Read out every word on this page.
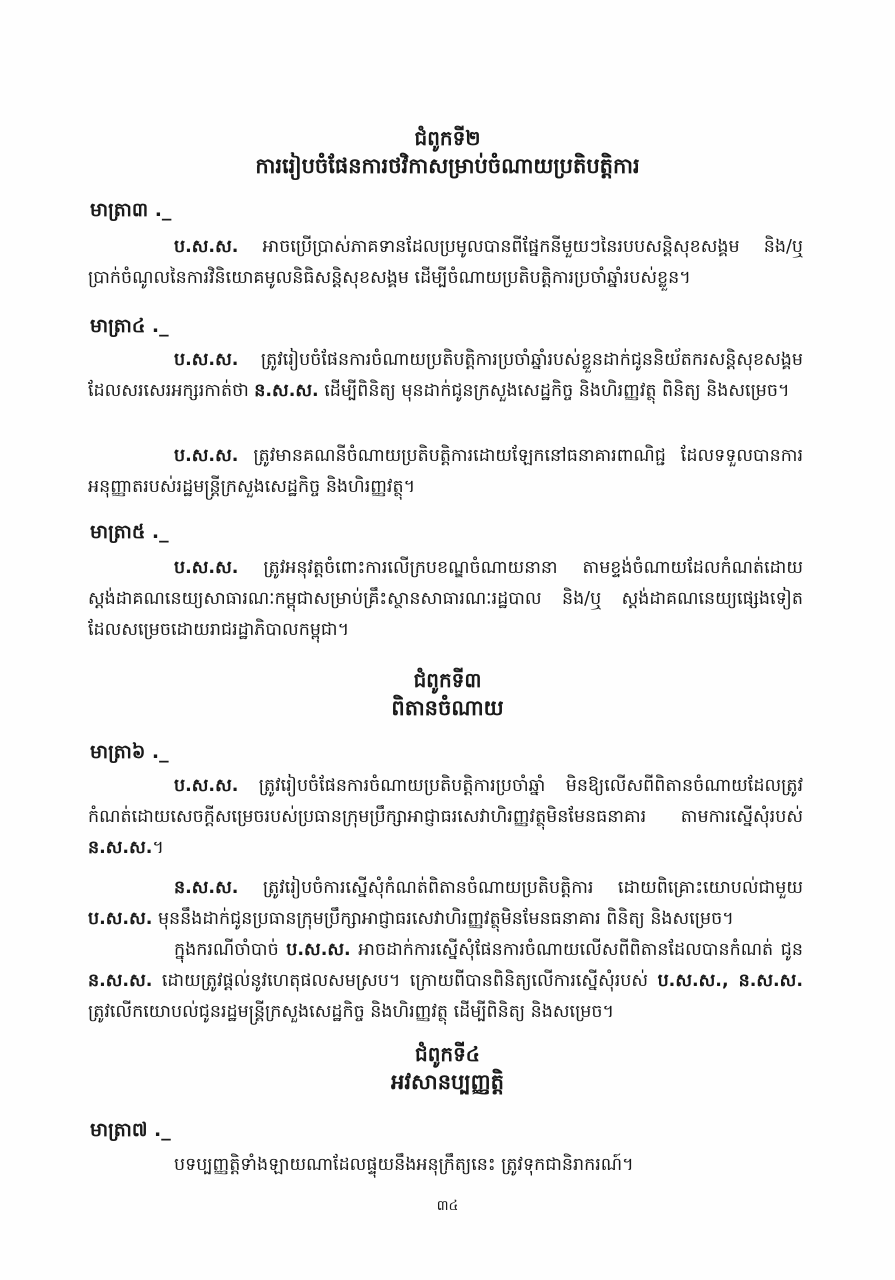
ជំពូកទី២
ការរៀបចំផែនការថវិកាសម្រាប់ចំណាយប្រតិបត្តិការ
មាត្រា៣ ._
ប.ស.ស. អាចប្រើប្រាស់ភាគទានដែលប្រមូលបានពីផ្នែកនីមួយៗនៃរបបសន្តិសុខសង្គម និង/ឬ ប្រាក់ចំណូលនៃការវិនិយោគមូលនិធិសន្តិសុខសង្គម ដើម្បីចំណាយប្រតិបត្តិការប្រចាំឆ្នាំរបស់ខ្លួន។
មាត្រា៤ ._
ប.ស.ស. ត្រូវរៀបចំផែនការចំណាយប្រតិបត្តិការប្រចាំឆ្នាំរបស់ខ្លួនដាក់ជូននិយ័តករសន្តិសុខសង្គម ដែលសរសេរអក្សរកាត់ថា ន.ស.ស. ដើម្បីពិនិត្យ មុនដាក់ជូនក្រសួងសេដ្ឋកិច្ច និងហិរញ្ញវត្ថុ ពិនិត្យ និងសម្រេច។
ប.ស.ស. ត្រូវមានគណនីចំណាយប្រតិបត្តិការដោយឡែកនៅធនាគារពាណិជ្ជ ដែលទទួលបានការអនុញ្ញាតរបស់រដ្ឋមន្ត្រីក្រសួងសេដ្ឋកិច្ច និងហិរញ្ញវត្ថុ។
មាត្រា៥ ._
ប.ស.ស. ត្រូវអនុវត្តចំពោះការលើក្របខណ្ឌចំណាយនានា តាមខ្ទង់ចំណាយដែលកំណត់ដោយស្តង់ដាគណនេយ្យសាធារណៈកម្ពុជាសម្រាប់គ្រឹះស្ថានសាធារណៈរដ្ឋបាល និង/ឬ ស្តង់ដាគណនេយ្យផ្សេងទៀត ដែលសម្រេចដោយរាជរដ្ឋាភិបាលកម្ពុជា។
ជំពូកទី៣
ពិតានចំណាយ
មាត្រា៦ ._
ប.ស.ស. ត្រូវរៀបចំផែនការចំណាយប្រតិបត្តិការប្រចាំឆ្នាំ មិនឱ្យលើសពីពិតានចំណាយដែលត្រូវកំណត់ដោយសេចក្តីសម្រេចរបស់ប្រធានក្រុមប្រឹក្សាអាជ្ញាធរសេវាហិរញ្ញវត្ថុមិនមែនធនាគារ តាមការស្នើសុំរបស់ ន.ស.ស.។
ន.ស.ស. ត្រូវរៀបចំការស្នើសុំកំណត់ពិតានចំណាយប្រតិបត្តិការ ដោយពិគ្រោះយោបល់ជាមួយ ប.ស.ស. មុននឹងដាក់ជូនប្រធានក្រុមប្រឹក្សាអាជ្ញាធរសេវាហិរញ្ញវត្ថុមិនមែនធនាគារ ពិនិត្យ និងសម្រេច។
ក្នុងករណីចាំបាច់ ប.ស.ស. អាចដាក់ការស្នើសុំផែនការចំណាយលើសពីពិតានដែលបានកំណត់ ជូន ន.ស.ស. ដោយត្រូវផ្តល់នូវហេតុផលសមស្រប។ ក្រោយពីបានពិនិត្យលើការស្នើសុំរបស់ ប.ស.ស., ន.ស.ស. ត្រូវលើកយោបល់ជូនរដ្ឋមន្ត្រីក្រសួងសេដ្ឋកិច្ច និងហិរញ្ញវត្ថុ ដើម្បីពិនិត្យ និងសម្រេច។
ជំពូកទី៤
អវសានប្បញ្ញត្តិ
មាត្រា៧ ._
បទប្បញ្ញត្តិទាំងឡាយណាដែលផ្ទុយនឹងអនុក្រឹត្យនេះ ត្រូវទុកជានិរាករណ៍។
៣៤
